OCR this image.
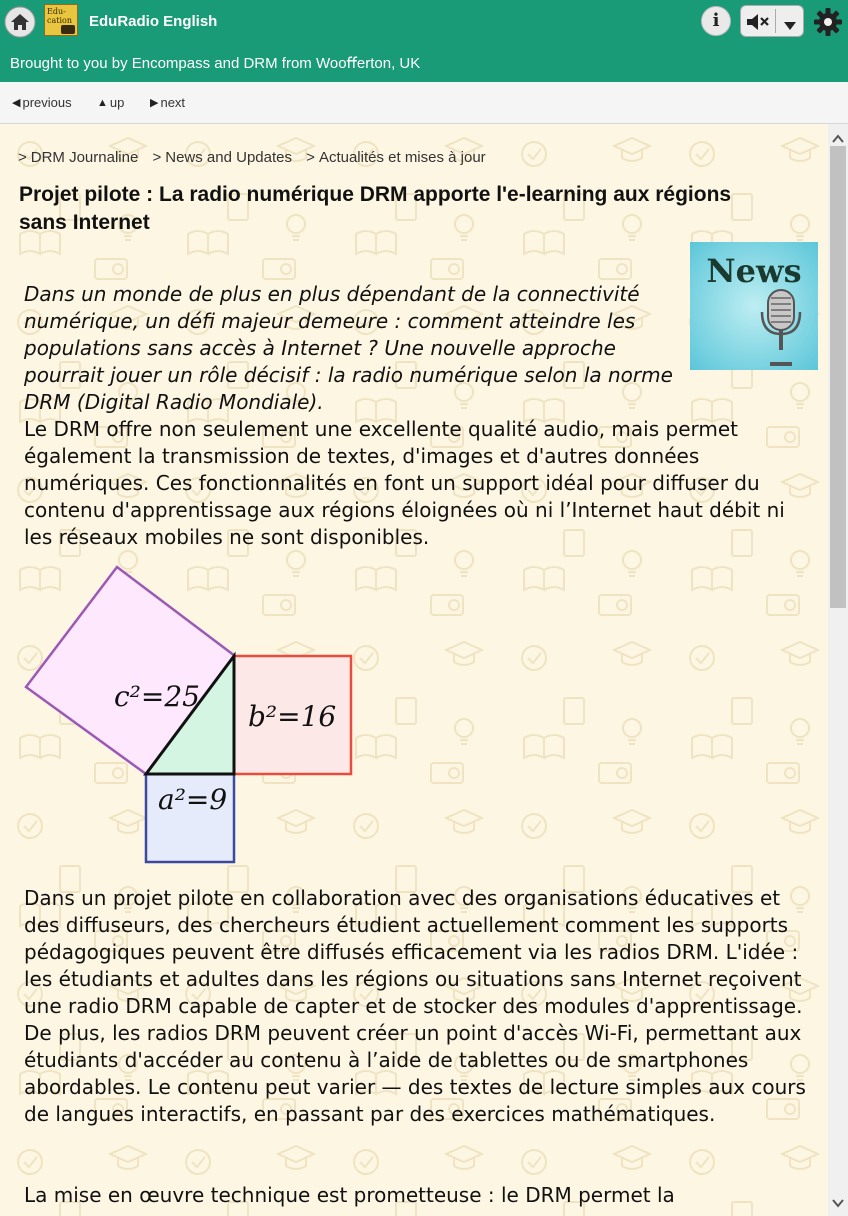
Edu-cation	EduRadio English
Brought to you by Encompass and DRM from Wooﬀerton, UK
i
◀ previous ▲ up ▶ next
> DRM Journaline > News and Updates > Actualités et mises à jour
Projet pilote : La radio numérique DRM apporte l'e-learning aux régions sans Internet
News
Dans un monde de plus en plus dépendant de la connectivité numérique, un défi majeur demeure : comment atteindre les populations sans accès à Internet ? Une nouvelle approche pourrait jouer un rôle décisif : la radio numérique selon la norme DRM (Digital Radio Mondiale).
Le DRM offre non seulement une excellente qualité audio, mais permet également la transmission de textes, d'images et d'autres données numériques. Ces fonctionnalités en font un support idéal pour diffuser du contenu d'apprentissage aux régions éloignées où ni l’Internet haut débit ni les réseaux mobiles ne sont disponibles.
c²=25
b²=16
a²=9
Dans un projet pilote en collaboration avec des organisations éducatives et des diffuseurs, des chercheurs étudient actuellement comment les supports pédagogiques peuvent être diffusés efficacement via les radios DRM. L'idée : les étudiants et adultes dans les régions ou situations sans Internet reçoivent une radio DRM capable de capter et de stocker des modules d'apprentissage. De plus, les radios DRM peuvent créer un point d'accès Wi-Fi, permettant aux étudiants d'accéder au contenu à l’aide de tablettes ou de smartphones abordables. Le contenu peut varier — des textes de lecture simples aux cours de langues interactifs, en passant par des exercices mathématiques.
La mise en œuvre technique est prometteuse : le DRM permet la
